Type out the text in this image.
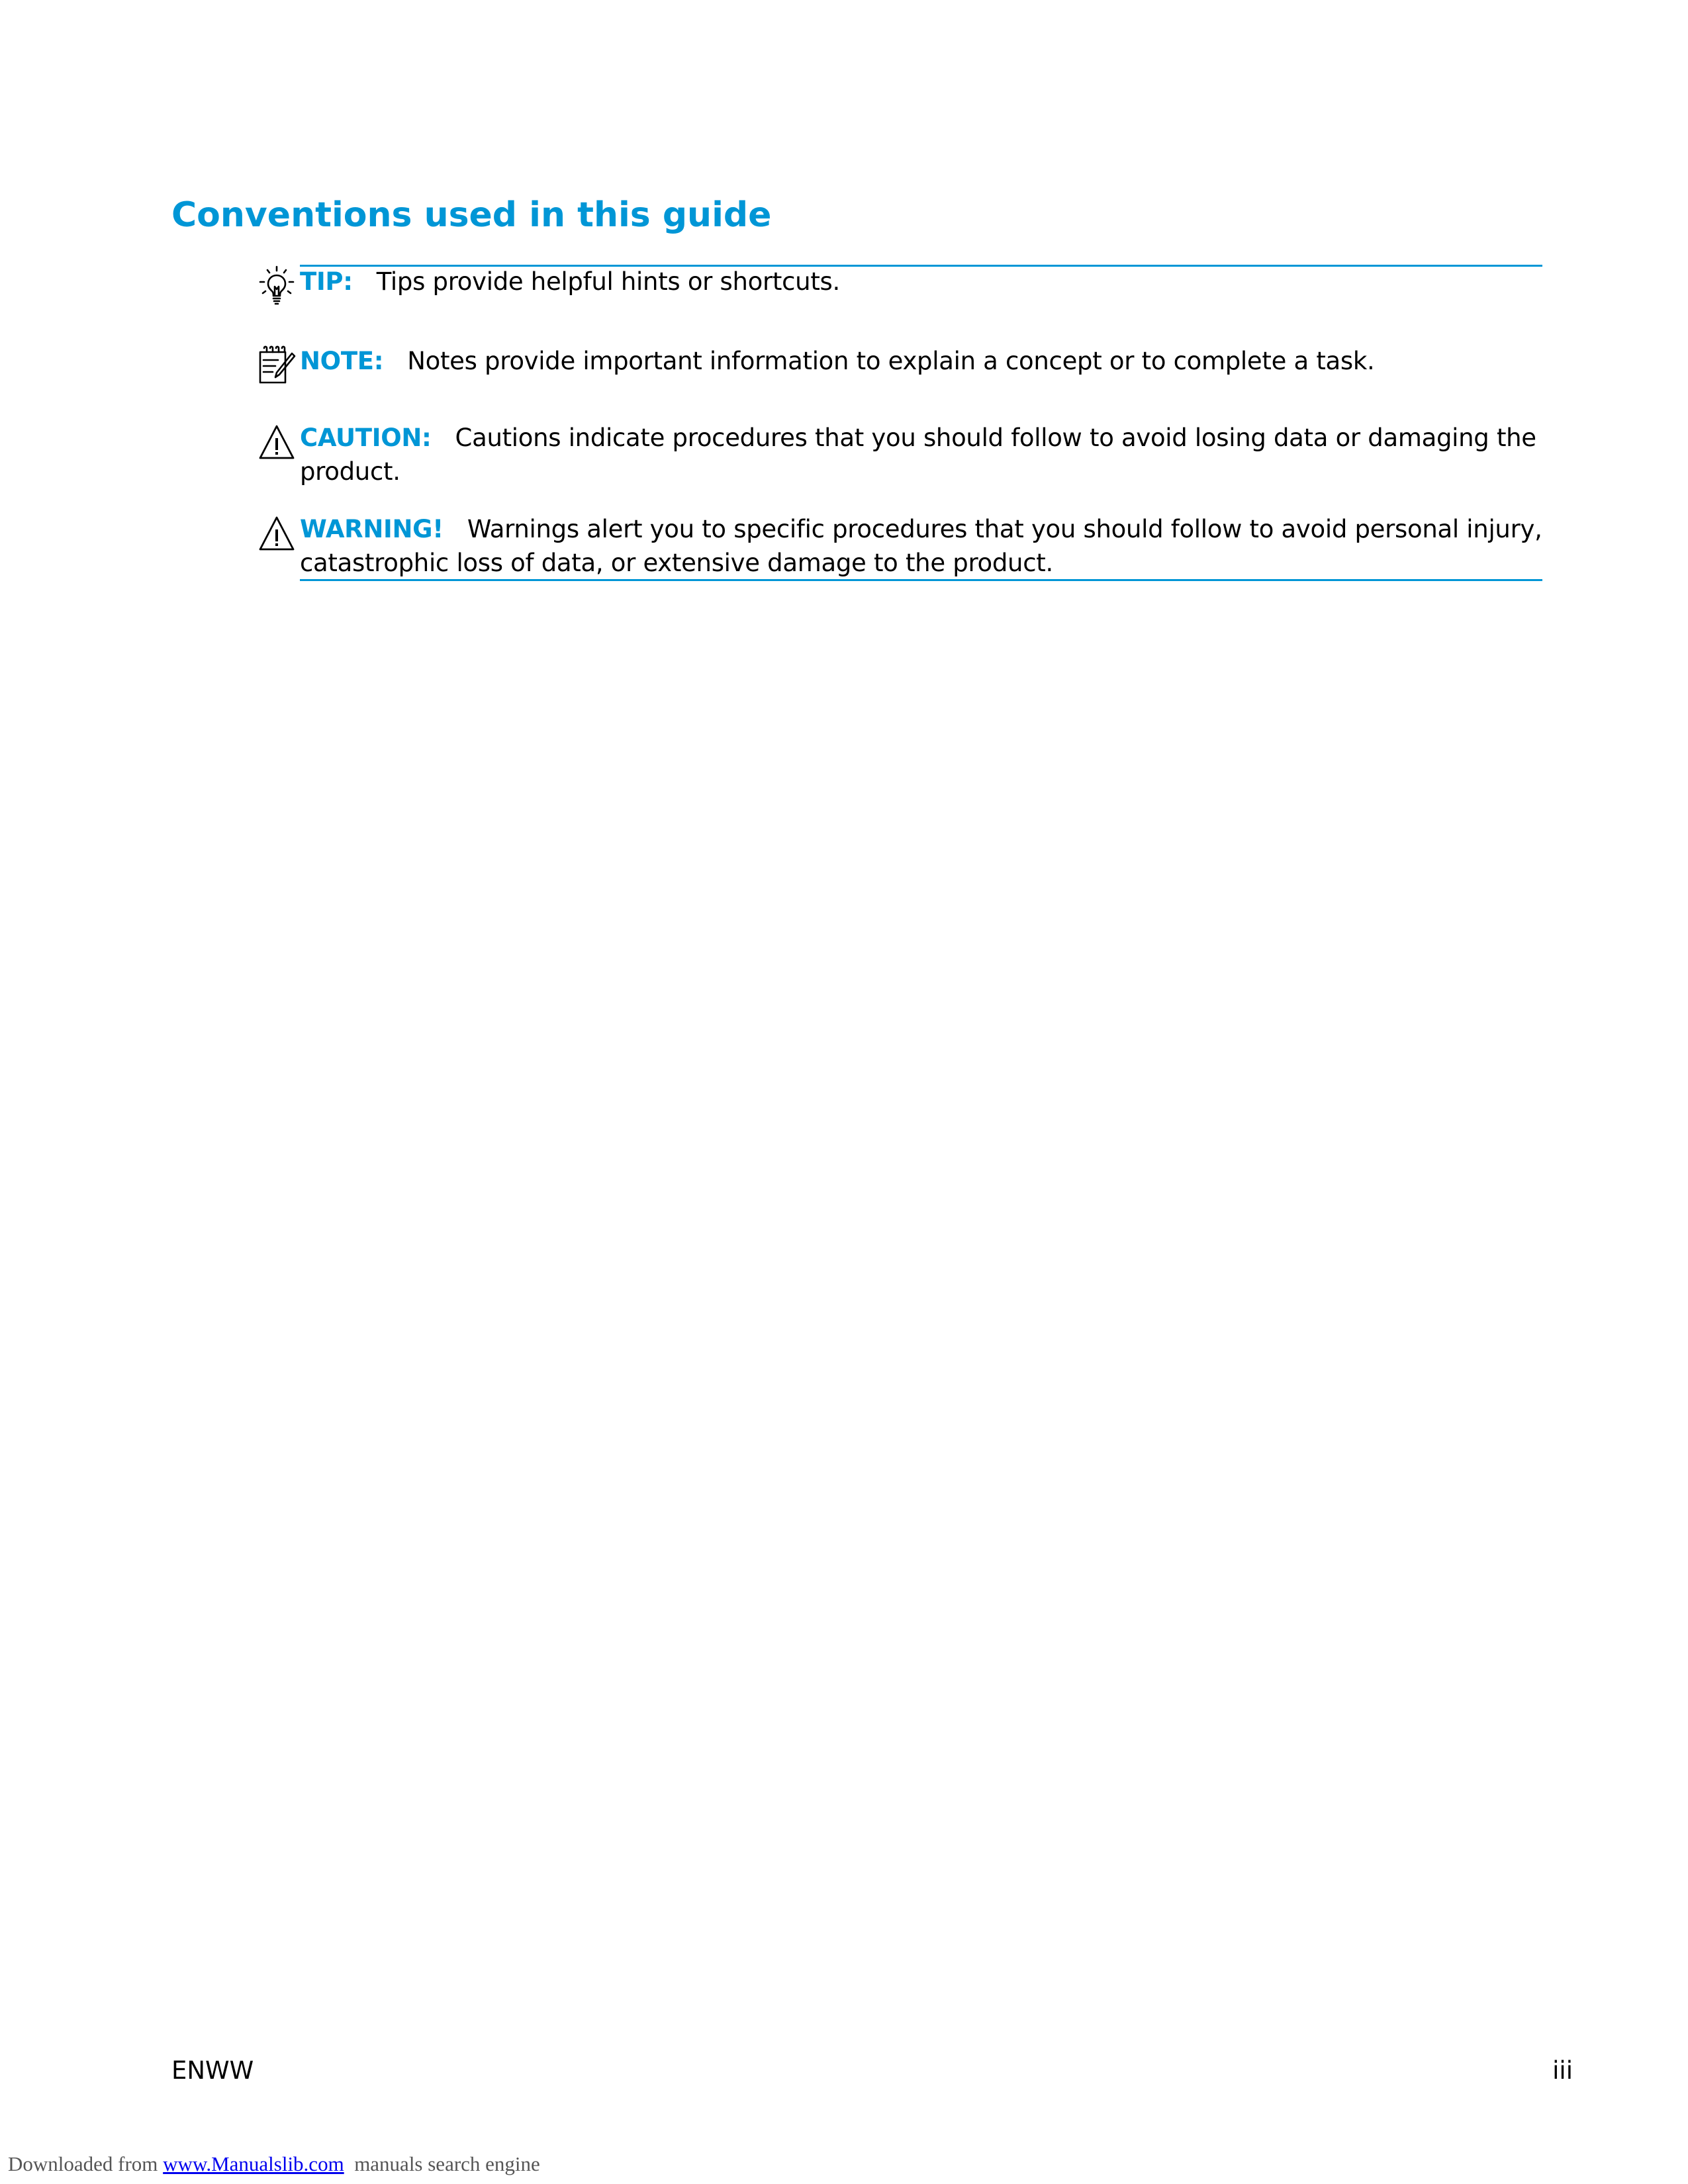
Conventions used in this guide
TIP: Tips provide helpful hints or shortcuts.
NOTE: Notes provide important information to explain a concept or to complete a task.
CAUTION: Cautions indicate procedures that you should follow to avoid losing data or damaging the product.
WARNING! Warnings alert you to specific procedures that you should follow to avoid personal injury, catastrophic loss of data, or extensive damage to the product.
ENWW	iii
Downloaded from www.Manualslib.com  manuals search engine
